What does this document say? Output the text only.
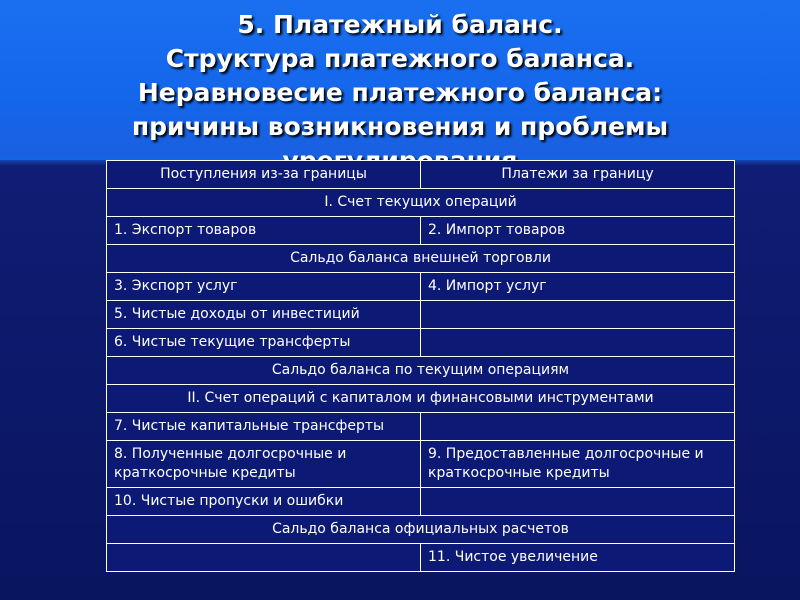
5. Платежный баланс.
Структура платежного баланса.
Неравновесие платежного баланса:
причины возникновения и проблемы
Поступления из-за границы	Платежи за границу
I. Счет текущих операций	
1. Экспорт товаров	2. Импорт товаров
Сальдо баланса внешней торговли	
3. Экспорт услуг	4. Импорт услуг
5. Чистые доходы от инвестиций	
6. Чистые текущие трансферты	
Сальдо баланса по текущим операциям	
II. Счет операций с капиталом и финансовыми инструментами	
7. Чистые капитальные трансферты	
8. Полученные долгосрочные и краткосрочные кредиты	9. Предоставленные долгосрочные и краткосрочные кредиты
10. Чистые пропуски и ошибки	
Сальдо баланса официальных расчетов	

	11. Чистое увеличение
